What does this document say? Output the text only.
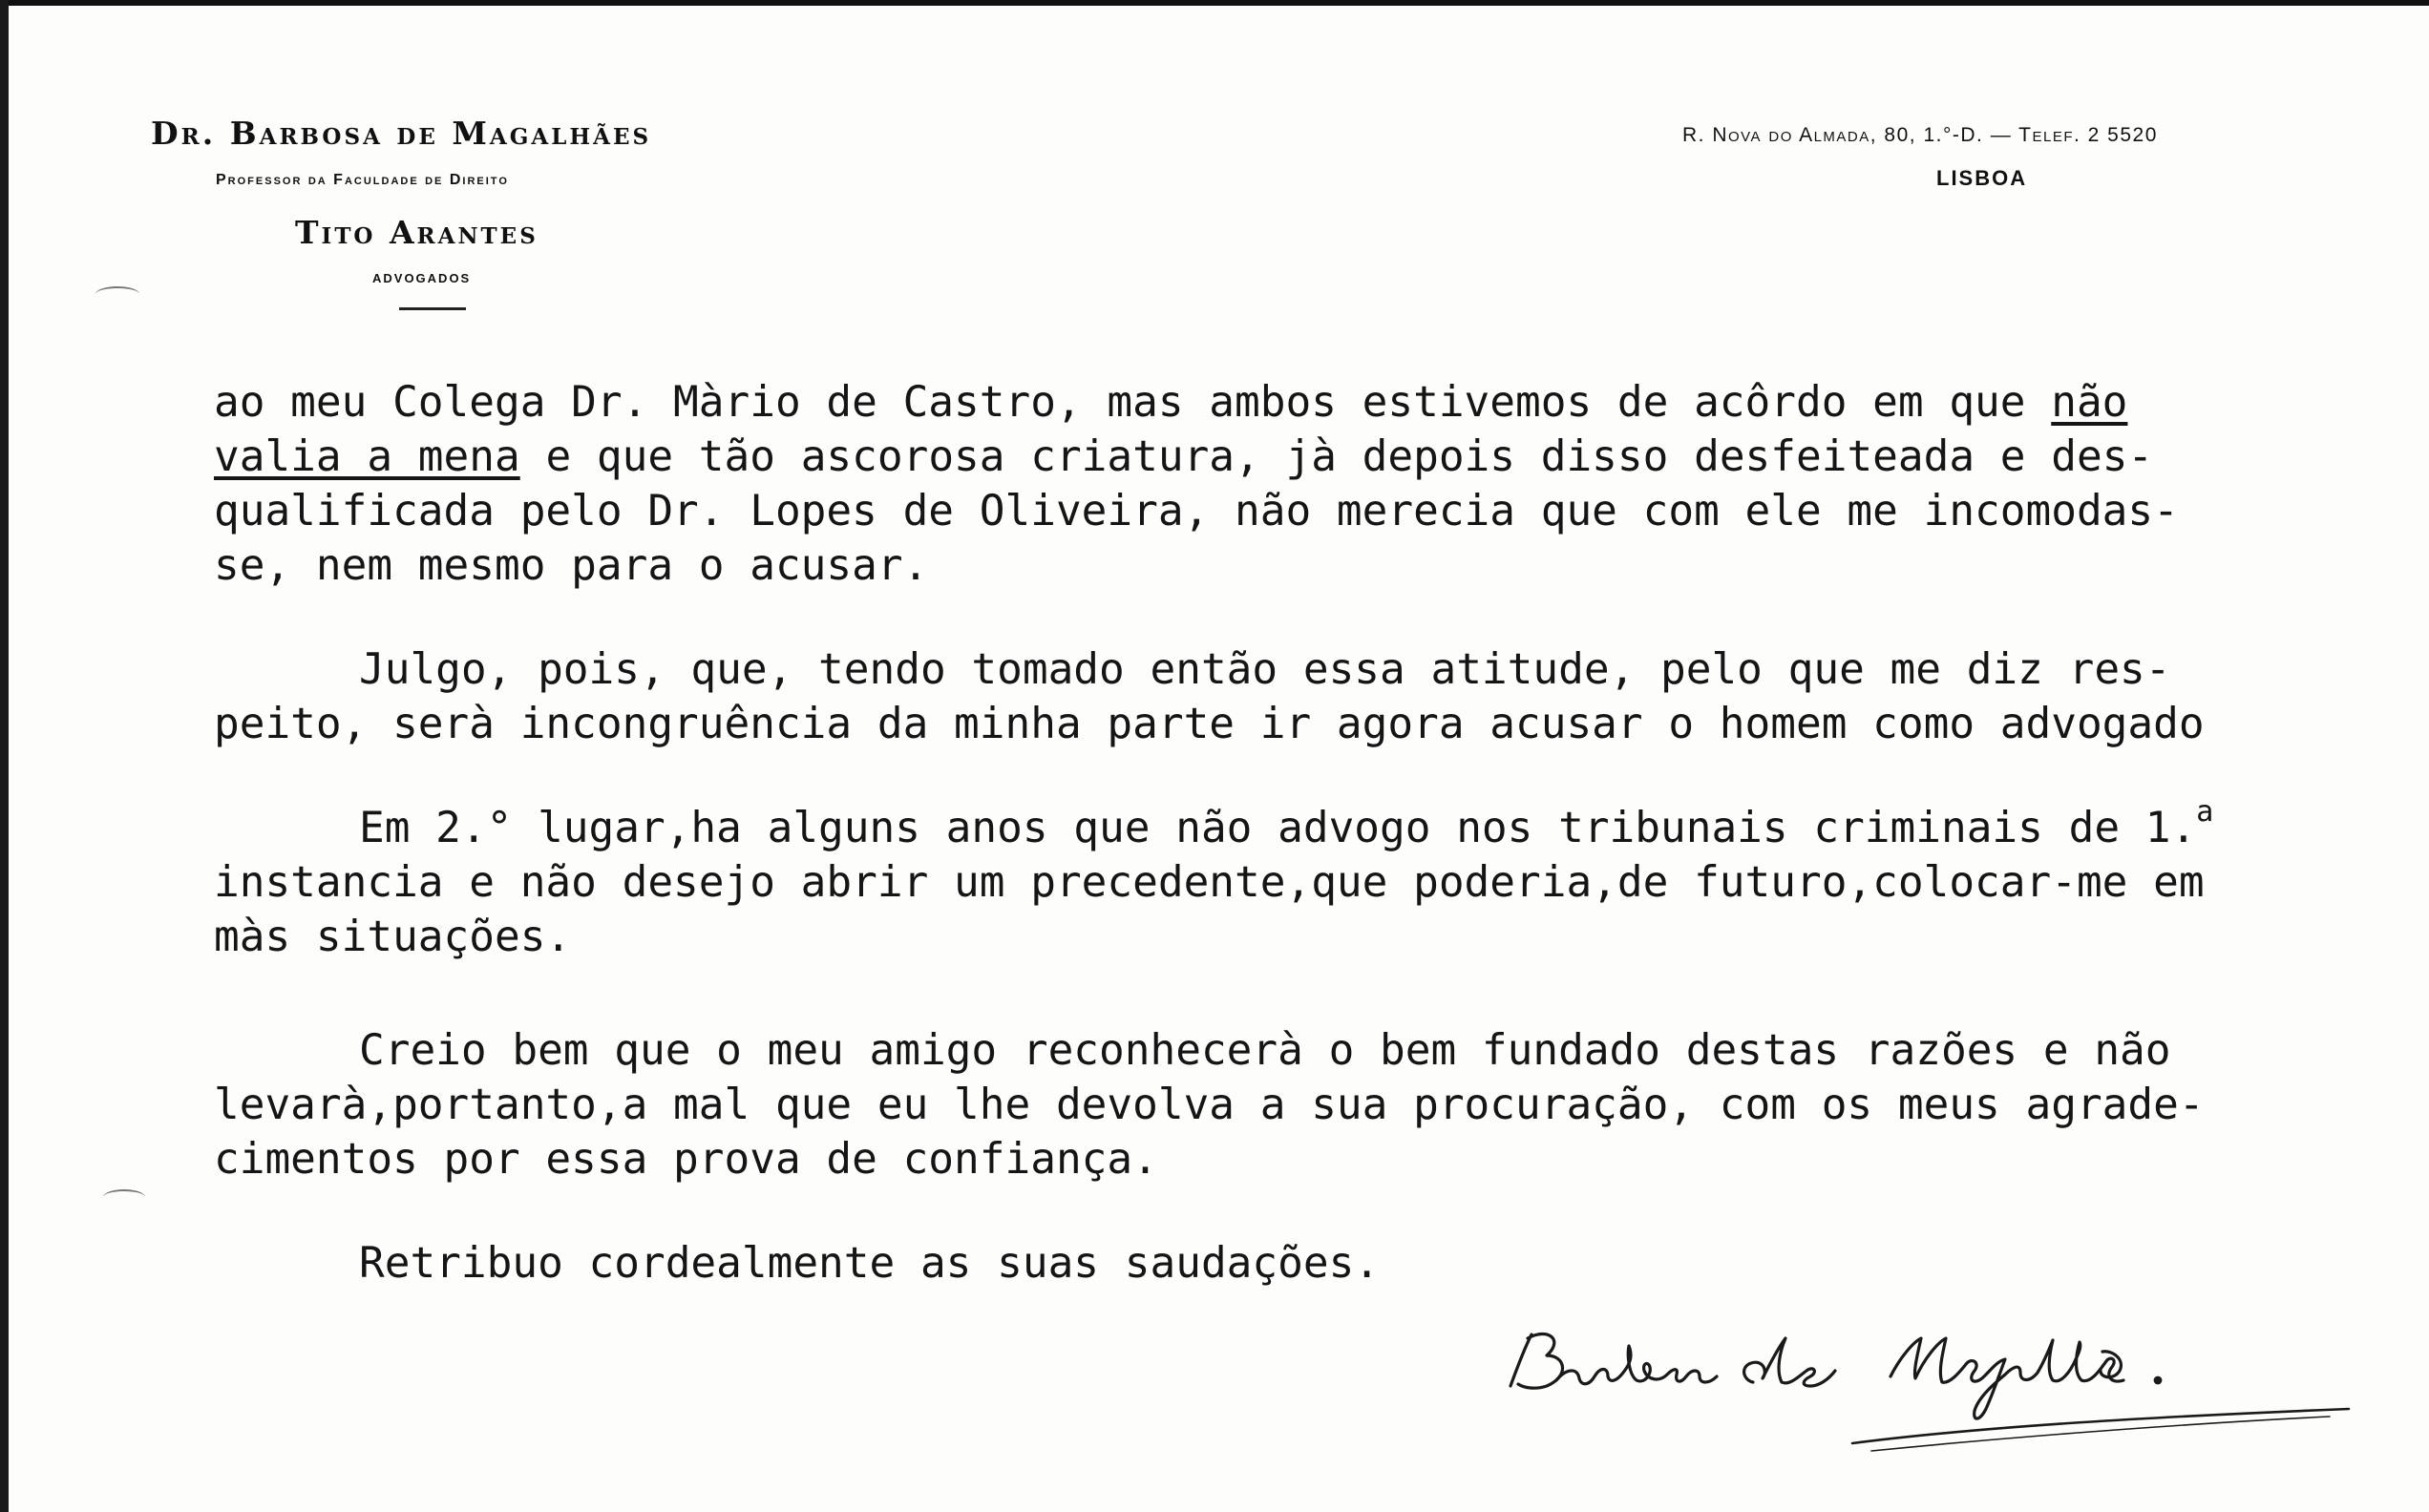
Dr. Barbosa de Magalhães
Professor da Faculdade de Direito
Tito Arantes
ADVOGADOS
R. Nova do Almada, 80, 1.°-D. — Telef. 2 5520
LISBOA
ao meu Colega Dr. Màrio de Castro, mas ambos estivemos de acôrdo em que não
valia a mena e que tão ascorosa criatura, jà depois disso desfeiteada e des-
qualificada pelo Dr. Lopes de Oliveira, não merecia que com ele me incomodas-
se, nem mesmo para o acusar.
Julgo, pois, que, tendo tomado então essa atitude, pelo que me diz res-
peito, serà incongruência da minha parte ir agora acusar o homem como advogado
Em 2.° lugar,ha alguns anos que não advogo nos tribunais criminais de 1.$^a$
instancia e não desejo abrir um precedente,que poderia,de futuro,colocar-me em
màs situações.
Creio bem que o meu amigo reconhecerà o bem fundado destas razões e não
levarà,portanto,a mal que eu lhe devolva a sua procuração, com os meus agrade-
cimentos por essa prova de confiança.
Retribuo cordealmente as suas saudações.
